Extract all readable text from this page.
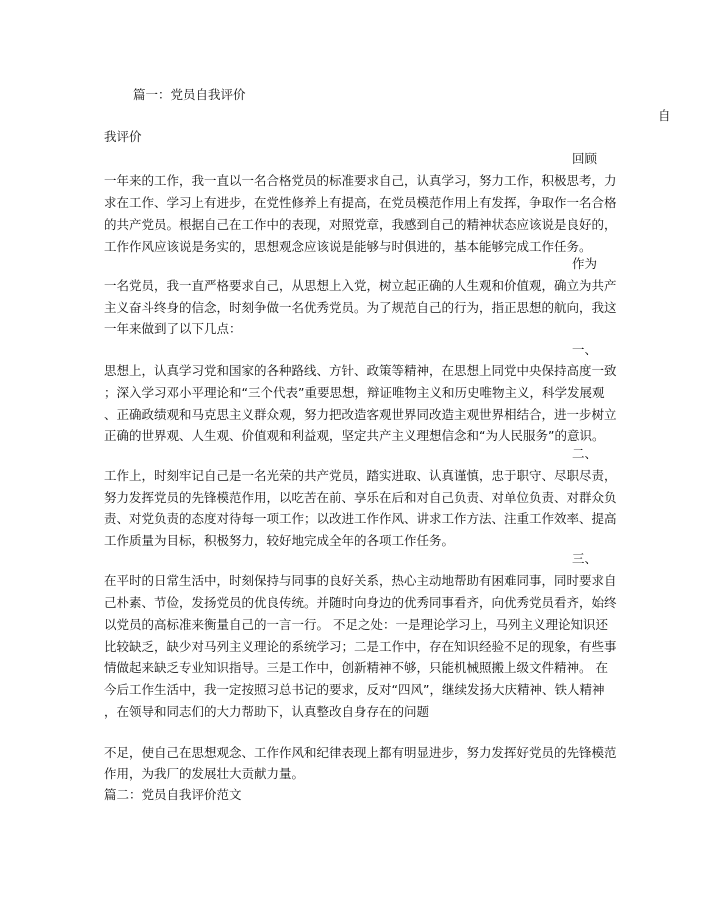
篇一：党员自我评价
自
我评价
回顾
一年来的工作，我一直以一名合格党员的标准要求自己，认真学习，努力工作，积极思考，力
求在工作、学习上有进步，在党性修养上有提高，在党员模范作用上有发挥，争取作一名合格
的共产党员。根据自己在工作中的表现，对照党章，我感到自己的精神状态应该说是良好的，
工作作风应该说是务实的，思想观念应该说是能够与时俱进的，基本能够完成工作任务。
作为
一名党员，我一直严格要求自己，从思想上入党，树立起正确的人生观和价值观，确立为共产
主义奋斗终身的信念，时刻争做一名优秀党员。为了规范自己的行为，指正思想的航向，我这
一年来做到了以下几点：
一、
思想上，认真学习党和国家的各种路线、方针、政策等精神，在思想上同党中央保持高度一致
；深入学习邓小平理论和“三个代表”重要思想，辩证唯物主义和历史唯物主义，科学发展观
、正确政绩观和马克思主义群众观，努力把改造客观世界同改造主观世界相结合，进一步树立
正确的世界观、人生观、价值观和利益观，坚定共产主义理想信念和“为人民服务”的意识。
二、
工作上，时刻牢记自己是一名光荣的共产党员，踏实进取、认真谨慎，忠于职守、尽职尽责，
努力发挥党员的先锋模范作用，以吃苦在前、享乐在后和对自己负责、对单位负责、对群众负
责、对党负责的态度对待每一项工作；以改进工作作风、讲求工作方法、注重工作效率、提高
工作质量为目标，积极努力，较好地完成全年的各项工作任务。
三、
在平时的日常生活中，时刻保持与同事的良好关系，热心主动地帮助有困难同事，同时要求自
己朴素、节俭，发扬党员的优良传统。并随时向身边的优秀同事看齐，向优秀党员看齐，始终
以党员的高标准来衡量自己的一言一行。 不足之处：一是理论学习上，马列主义理论知识还
比较缺乏，缺少对马列主义理论的系统学习；二是工作中，存在知识经验不足的现象，有些事
情做起来缺乏专业知识指导。三是工作中，创新精神不够，只能机械照搬上级文件精神。 在
今后工作生活中，我一定按照习总书记的要求，反对“四风”，继续发扬大庆精神、铁人精神
，在领导和同志们的大力帮助下，认真整改自身存在的问题
不足，使自己在思想观念、工作作风和纪律表现上都有明显进步，努力发挥好党员的先锋模范
作用，为我厂的发展壮大贡献力量。
篇二：党员自我评价范文
